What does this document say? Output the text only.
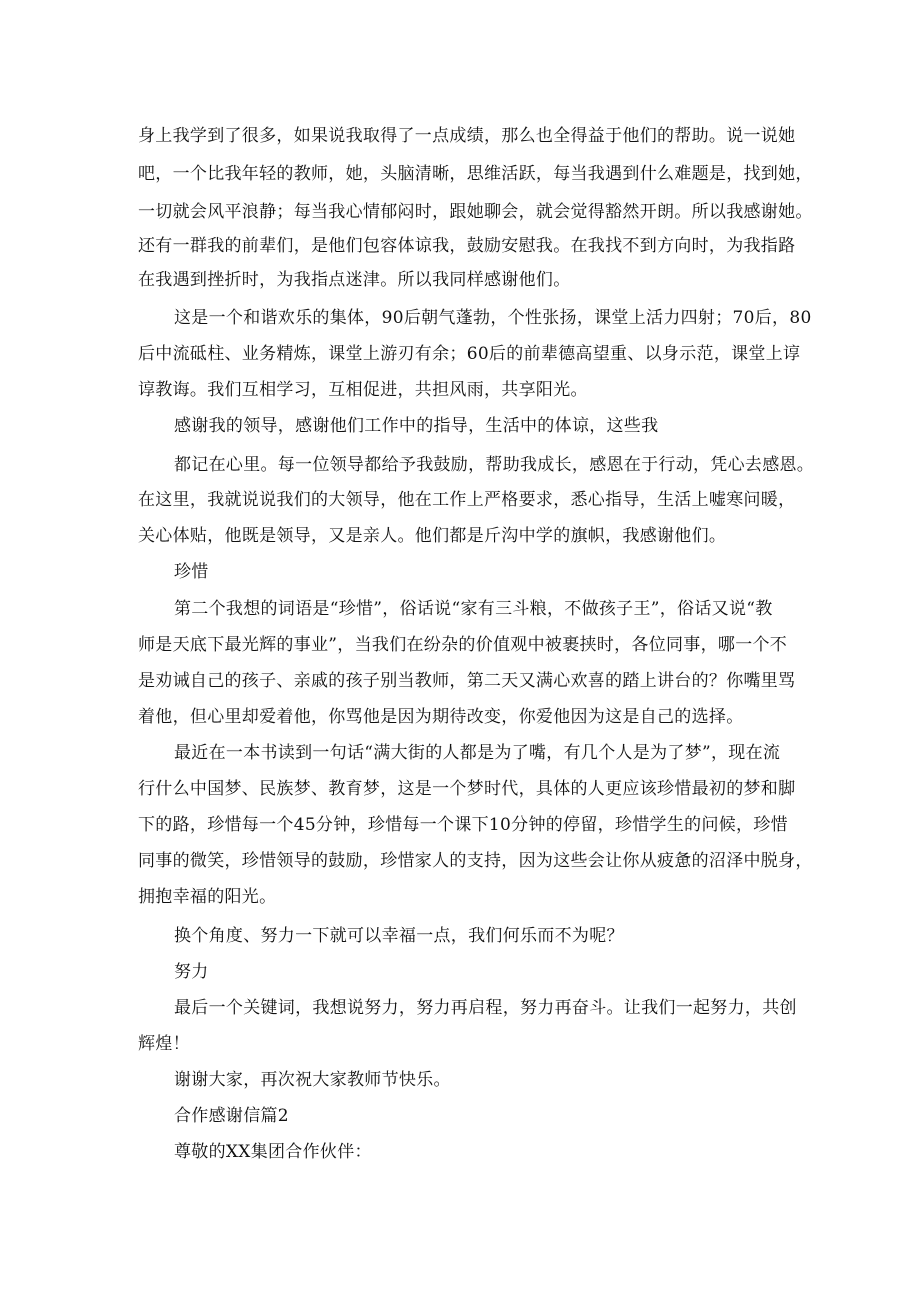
身上我学到了很多，如果说我取得了一点成绩，那么也全得益于他们的帮助。说一说她
吧，一个比我年轻的教师，她，头脑清晰，思维活跃，每当我遇到什么难题是，找到她，
一切就会风平浪静；每当我心情郁闷时，跟她聊会，就会觉得豁然开朗。所以我感谢她。
还有一群我的前辈们，是他们包容体谅我，鼓励安慰我。在我找不到方向时，为我指路
在我遇到挫折时，为我指点迷津。所以我同样感谢他们。
这是一个和谐欢乐的集体，90后朝气蓬勃，个性张扬，课堂上活力四射；70后，80
后中流砥柱、业务精炼，课堂上游刃有余；60后的前辈德高望重、以身示范，课堂上谆
谆教诲。我们互相学习，互相促进，共担风雨，共享阳光。
感谢我的领导，感谢他们工作中的指导，生活中的体谅，这些我
都记在心里。每一位领导都给予我鼓励，帮助我成长，感恩在于行动，凭心去感恩。
在这里，我就说说我们的大领导，他在工作上严格要求，悉心指导，生活上嘘寒问暖，
关心体贴，他既是领导，又是亲人。他们都是斤沟中学的旗帜，我感谢他们。
珍惜
第二个我想的词语是“珍惜”，俗话说“家有三斗粮，不做孩子王”，俗话又说“教
师是天底下最光辉的事业”，当我们在纷杂的价值观中被裹挟时，各位同事，哪一个不
是劝诫自己的孩子、亲戚的孩子别当教师，第二天又满心欢喜的踏上讲台的？你嘴里骂
着他，但心里却爱着他，你骂他是因为期待改变，你爱他因为这是自己的选择。
最近在一本书读到一句话“满大街的人都是为了嘴，有几个人是为了梦”，现在流
行什么中国梦、民族梦、教育梦，这是一个梦时代，具体的人更应该珍惜最初的梦和脚
下的路，珍惜每一个45分钟，珍惜每一个课下10分钟的停留，珍惜学生的问候，珍惜
同事的微笑，珍惜领导的鼓励，珍惜家人的支持，因为这些会让你从疲惫的沼泽中脱身，
拥抱幸福的阳光。
换个角度、努力一下就可以幸福一点，我们何乐而不为呢？
努力
最后一个关键词，我想说努力，努力再启程，努力再奋斗。让我们一起努力，共创
辉煌！
谢谢大家，再次祝大家教师节快乐。
合作感谢信篇2
尊敬的XX集团合作伙伴：
